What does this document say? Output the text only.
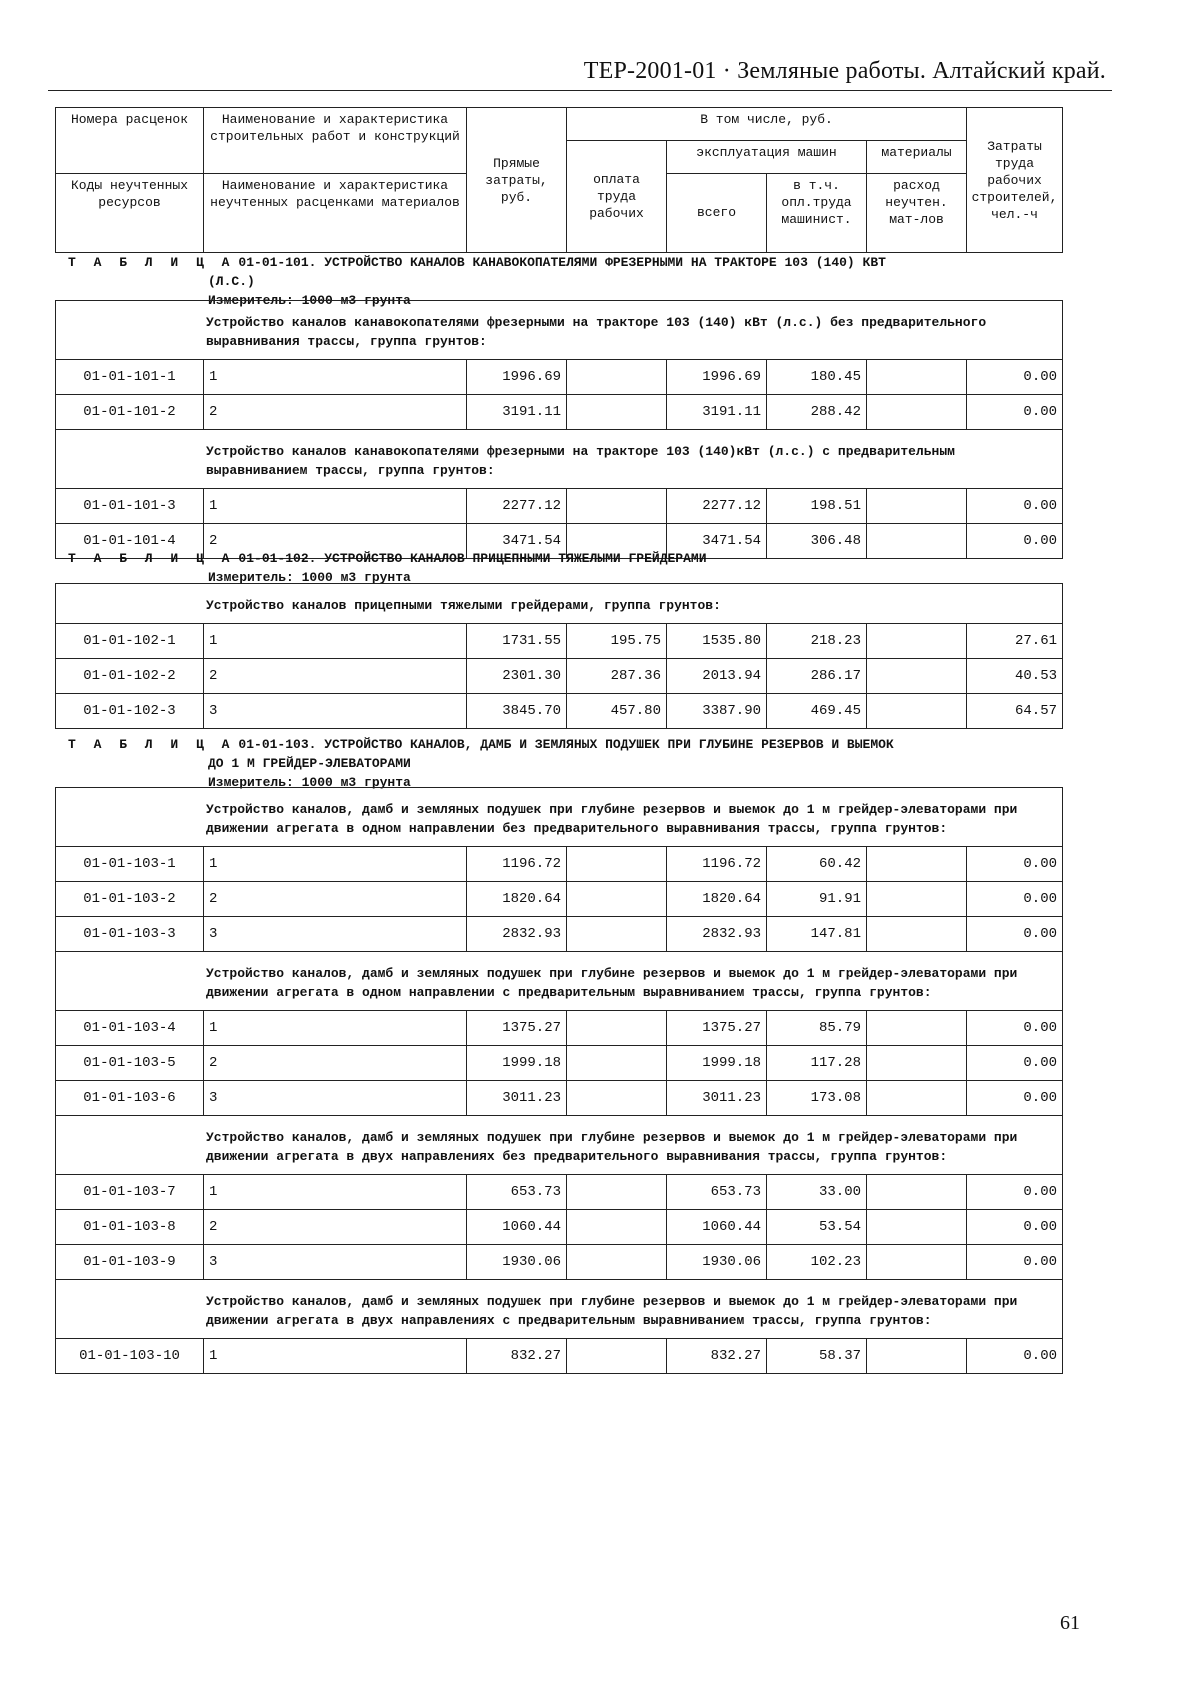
ТЕР-2001-01 · Земляные работы. Алтайский край.
Номера расценок	Наименование и характеристика строительных работ и конструкций	Прямые затраты, руб.	В том числе, руб.				Затраты труда рабочих строителей, чел.-ч
			оплата труда рабочих	эксплуатация машин		материалы	
Коды неучтенных ресурсов	Наименование и характеристика неучтенных расценками материалов			всего	в т.ч. опл.труда машинист.	расход неучтен. мат-лов	
Т А Б Л И Ц А 01-01-101. УСТРОЙСТВО КАНАЛОВ КАНАВОКОПАТЕЛЯМИ ФРЕЗЕРНЫМИ НА ТРАКТОРЕ 103 (140) КВТ
(Л.С.)
Измеритель: 1000 м3 грунта
Устройство каналов канавокопателями фрезерными на тракторе 103 (140) кВт (л.с.) без предварительного выравнивания трассы, группа грунтов:							
01-01-101-1	1	1996.69		1996.69	180.45		0.00
01-01-101-2	2	3191.11		3191.11	288.42		0.00
Устройство каналов канавокопателями фрезерными на тракторе 103 (140)кВт (л.с.) с предварительным выравниванием трассы, группа грунтов:							
01-01-101-3	1	2277.12		2277.12	198.51		0.00
01-01-101-4	2	3471.54		3471.54	306.48		0.00
Т А Б Л И Ц А 01-01-102. УСТРОЙСТВО КАНАЛОВ ПРИЦЕПНЫМИ ТЯЖЕЛЫМИ ГРЕЙДЕРАМИ
Измеритель: 1000 м3 грунта
Устройство каналов прицепными тяжелыми грейдерами, группа грунтов:							
01-01-102-1	1	1731.55	195.75	1535.80	218.23		27.61
01-01-102-2	2	2301.30	287.36	2013.94	286.17		40.53
01-01-102-3	3	3845.70	457.80	3387.90	469.45		64.57
Т А Б Л И Ц А 01-01-103. УСТРОЙСТВО КАНАЛОВ, ДАМБ И ЗЕМЛЯНЫХ ПОДУШЕК ПРИ ГЛУБИНЕ РЕЗЕРВОВ И ВЫЕМОК
ДО 1 М ГРЕЙДЕР-ЭЛЕВАТОРАМИ
Измеритель: 1000 м3 грунта
Устройство каналов, дамб и земляных подушек при глубине резервов и выемок до 1 м грейдер-элеваторами при движении агрегата в одном направлении без предварительного выравнивания трассы, группа грунтов:							
01-01-103-1	1	1196.72		1196.72	60.42		0.00
01-01-103-2	2	1820.64		1820.64	91.91		0.00
01-01-103-3	3	2832.93		2832.93	147.81		0.00
Устройство каналов, дамб и земляных подушек при глубине резервов и выемок до 1 м грейдер-элеваторами при движении агрегата в одном направлении с предварительным выравниванием трассы, группа грунтов:							
01-01-103-4	1	1375.27		1375.27	85.79		0.00
01-01-103-5	2	1999.18		1999.18	117.28		0.00
01-01-103-6	3	3011.23		3011.23	173.08		0.00
Устройство каналов, дамб и земляных подушек при глубине резервов и выемок до 1 м грейдер-элеваторами при движении агрегата в двух направлениях без предварительного выравнивания трассы, группа грунтов:							
01-01-103-7	1	653.73		653.73	33.00		0.00
01-01-103-8	2	1060.44		1060.44	53.54		0.00
01-01-103-9	3	1930.06		1930.06	102.23		0.00
Устройство каналов, дамб и земляных подушек при глубине резервов и выемок до 1 м грейдер-элеваторами при движении агрегата в двух направлениях с предварительным выравниванием трассы, группа грунтов:							
01-01-103-10	1	832.27		832.27	58.37		0.00
61
